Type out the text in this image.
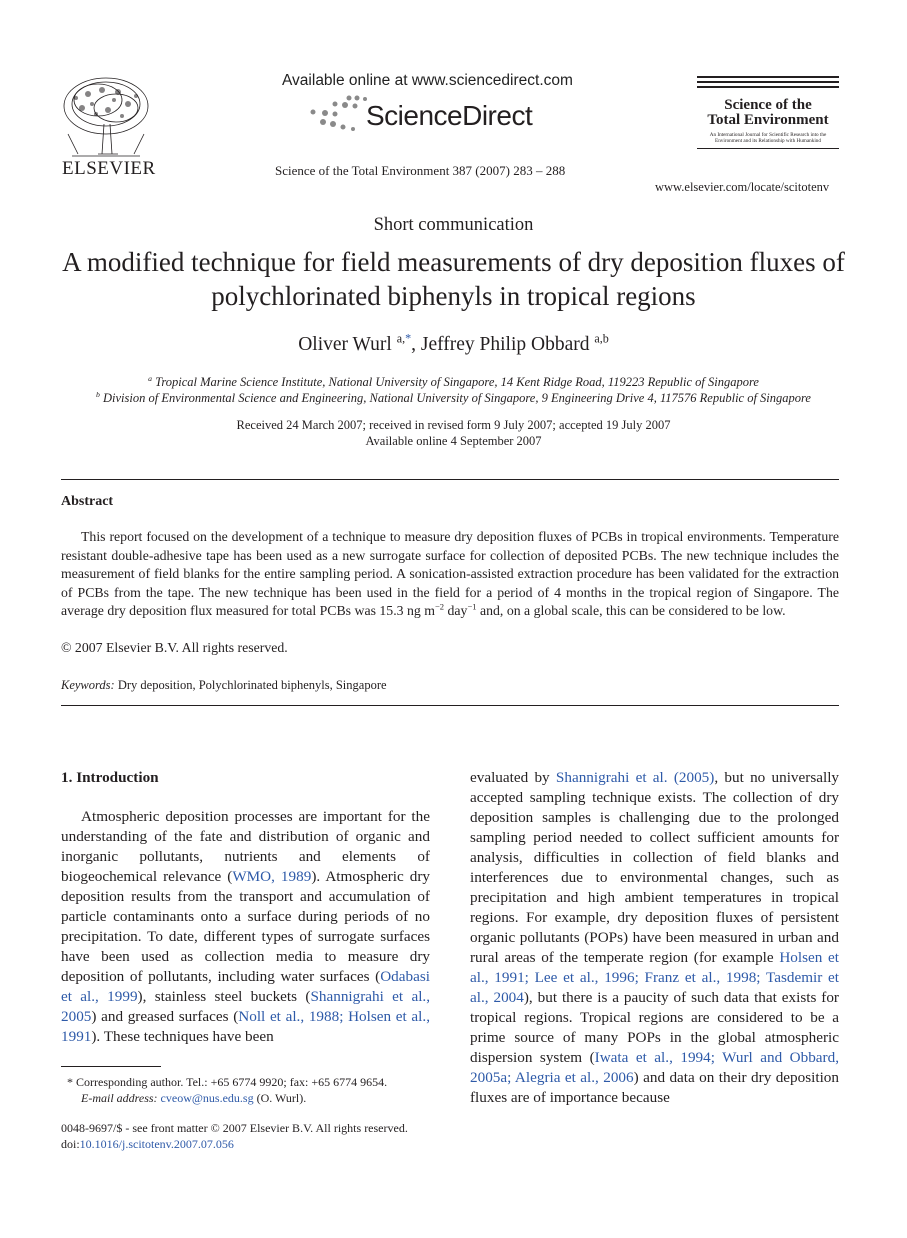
ELSEVIER
Available online at www.sciencedirect.com
ScienceDirect
Science of the Total Environment 387 (2007) 283 – 288
Science of the
Total Environment
An International Journal for Scientific Research into the Environment and its Relationship with Humankind
www.elsevier.com/locate/scitotenv
Short communication
A modified technique for field measurements of dry deposition fluxes of polychlorinated biphenyls in tropical regions
Oliver Wurl $^{a,*}$, Jeffrey Philip Obbard $^{a,b}$
$^a$ Tropical Marine Science Institute, National University of Singapore, 14 Kent Ridge Road, 119223 Republic of Singapore
$^b$ Division of Environmental Science and Engineering, National University of Singapore, 9 Engineering Drive 4, 117576 Republic of Singapore
Received 24 March 2007; received in revised form 9 July 2007; accepted 19 July 2007
Available online 4 September 2007
Abstract
This report focused on the development of a technique to measure dry deposition fluxes of PCBs in tropical environments. Temperature resistant double-adhesive tape has been used as a new surrogate surface for collection of deposited PCBs. The new technique includes the measurement of field blanks for the entire sampling period. A sonication-assisted extraction procedure has been validated for the extraction of PCBs from the tape. The new technique has been used in the field for a period of 4 months in the tropical region of Singapore. The average dry deposition flux measured for total PCBs was 15.3 ng $m^{-2}$ day$^{-1}$ and, on a global scale, this can be considered to be low.
© 2007 Elsevier B.V. All rights reserved.
Keywords: Dry deposition, Polychlorinated biphenyls, Singapore
1. Introduction
Atmospheric deposition processes are important for the understanding of the fate and distribution of organic and inorganic pollutants, nutrients and elements of biogeochemical relevance (WMO, 1989). Atmospheric dry deposition results from the transport and accumulation of particle contaminants onto a surface during periods of no precipitation. To date, different types of surrogate surfaces have been used as collection media to measure dry deposition of pollutants, including water surfaces (Odabasi et al., 1999), stainless steel buckets (Shannigrahi et al., 2005) and greased surfaces (Noll et al., 1988; Holsen et al., 1991). These techniques have been
evaluated by Shannigrahi et al. (2005), but no universally accepted sampling technique exists. The collection of dry deposition samples is challenging due to the prolonged sampling period needed to collect sufficient amounts for analysis, difficulties in collection of field blanks and interferences due to environmental changes, such as precipitation and high ambient temperatures in tropical regions. For example, dry deposition fluxes of persistent organic pollutants (POPs) have been measured in urban and rural areas of the temperate region (for example Holsen et al., 1991; Lee et al., 1996; Franz et al., 1998; Tasdemir et al., 2004), but there is a paucity of such data that exists for tropical regions. Tropical regions are considered to be a prime source of many POPs in the global atmospheric dispersion system (Iwata et al., 1994; Wurl and Obbard, 2005a; Alegria et al., 2006) and data on their dry deposition fluxes are of importance because
* Corresponding author. Tel.: +65 6774 9920; fax: +65 6774 9654.
E-mail address: cveow@nus.edu.sg (O. Wurl).
0048-9697/$ - see front matter © 2007 Elsevier B.V. All rights reserved.
doi:10.1016/j.scitotenv.2007.07.056
